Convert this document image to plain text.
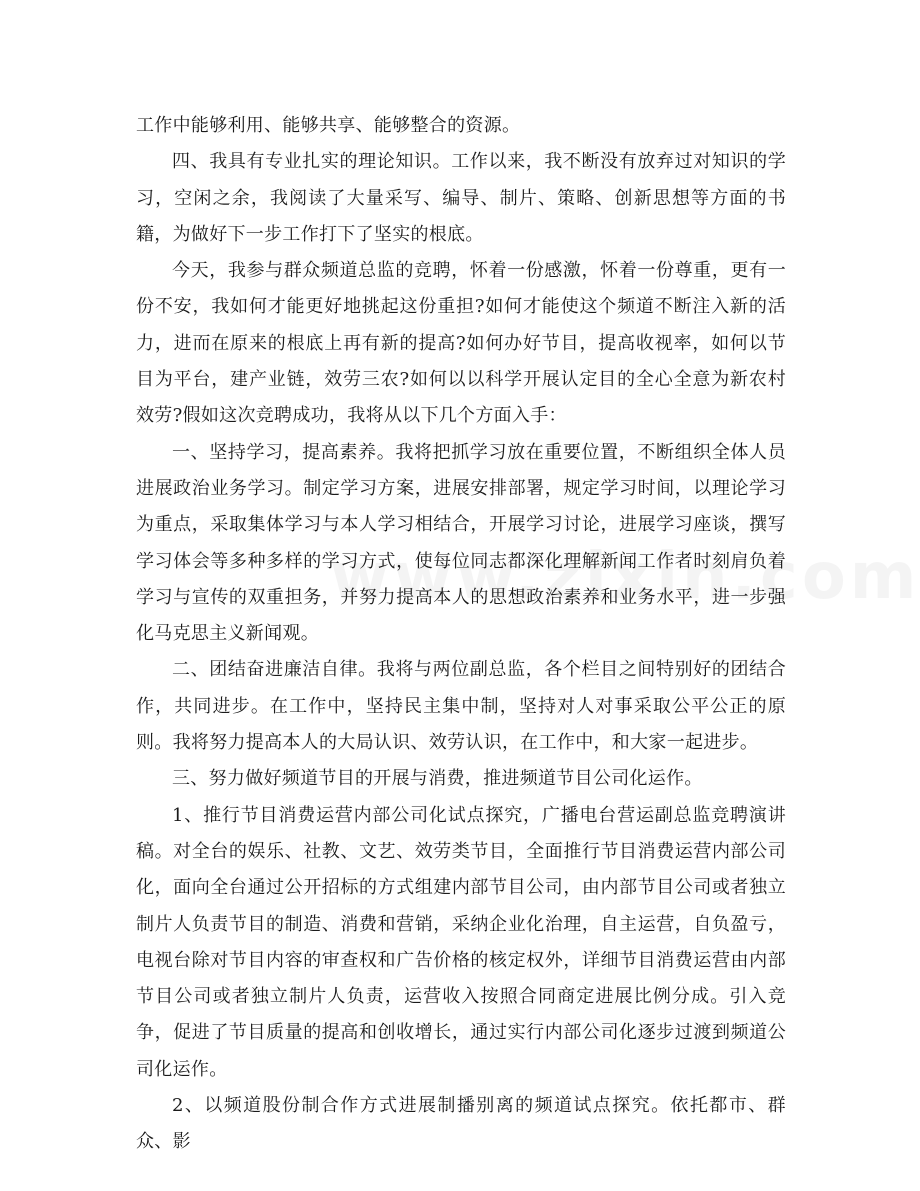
工作中能够利用、能够共享、能够整合的资源。

四、我具有专业扎实的理论知识。工作以来，我不断没有放弃过对知识的学习，空闲之余，我阅读了大量采写、编导、制片、策略、创新思想等方面的书籍，为做好下一步工作打下了坚实的根底。

今天，我参与群众频道总监的竞聘，怀着一份感激，怀着一份尊重，更有一份不安，我如何才能更好地挑起这份重担?如何才能使这个频道不断注入新的活力，进而在原来的根底上再有新的提高?如何办好节目，提高收视率，如何以节目为平台，建产业链，效劳三农?如何以以科学开展认定目的全心全意为新农村效劳?假如这次竞聘成功，我将从以下几个方面入手：

一、坚持学习，提高素养。我将把抓学习放在重要位置，不断组织全体人员进展政治业务学习。制定学习方案，进展安排部署，规定学习时间，以理论学习为重点，采取集体学习与本人学习相结合，开展学习讨论，进展学习座谈，撰写学习体会等多种多样的学习方式，使每位同志都深化理解新闻工作者时刻肩负着学习与宣传的双重担务，并努力提高本人的思想政治素养和业务水平，进一步强化马克思主义新闻观。

二、团结奋进廉洁自律。我将与两位副总监，各个栏目之间特别好的团结合作，共同进步。在工作中，坚持民主集中制，坚持对人对事采取公平公正的原则。我将努力提高本人的大局认识、效劳认识，在工作中，和大家一起进步。

三、努力做好频道节目的开展与消费，推进频道节目公司化运作。

1、推行节目消费运营内部公司化试点探究，广播电台营运副总监竞聘演讲稿。对全台的娱乐、社教、文艺、效劳类节目，全面推行节目消费运营内部公司化，面向全台通过公开招标的方式组建内部节目公司，由内部节目公司或者独立制片人负责节目的制造、消费和营销，采纳企业化治理，自主运营，自负盈亏，电视台除对节目内容的审查权和广告价格的核定权外，详细节目消费运营由内部节目公司或者独立制片人负责，运营收入按照合同商定进展比例分成。引入竞争，促进了节目质量的提高和创收增长，通过实行内部公司化逐步过渡到频道公司化运作。

2、以频道股份制合作方式进展制播别离的频道试点探究。依托都市、群众、影
